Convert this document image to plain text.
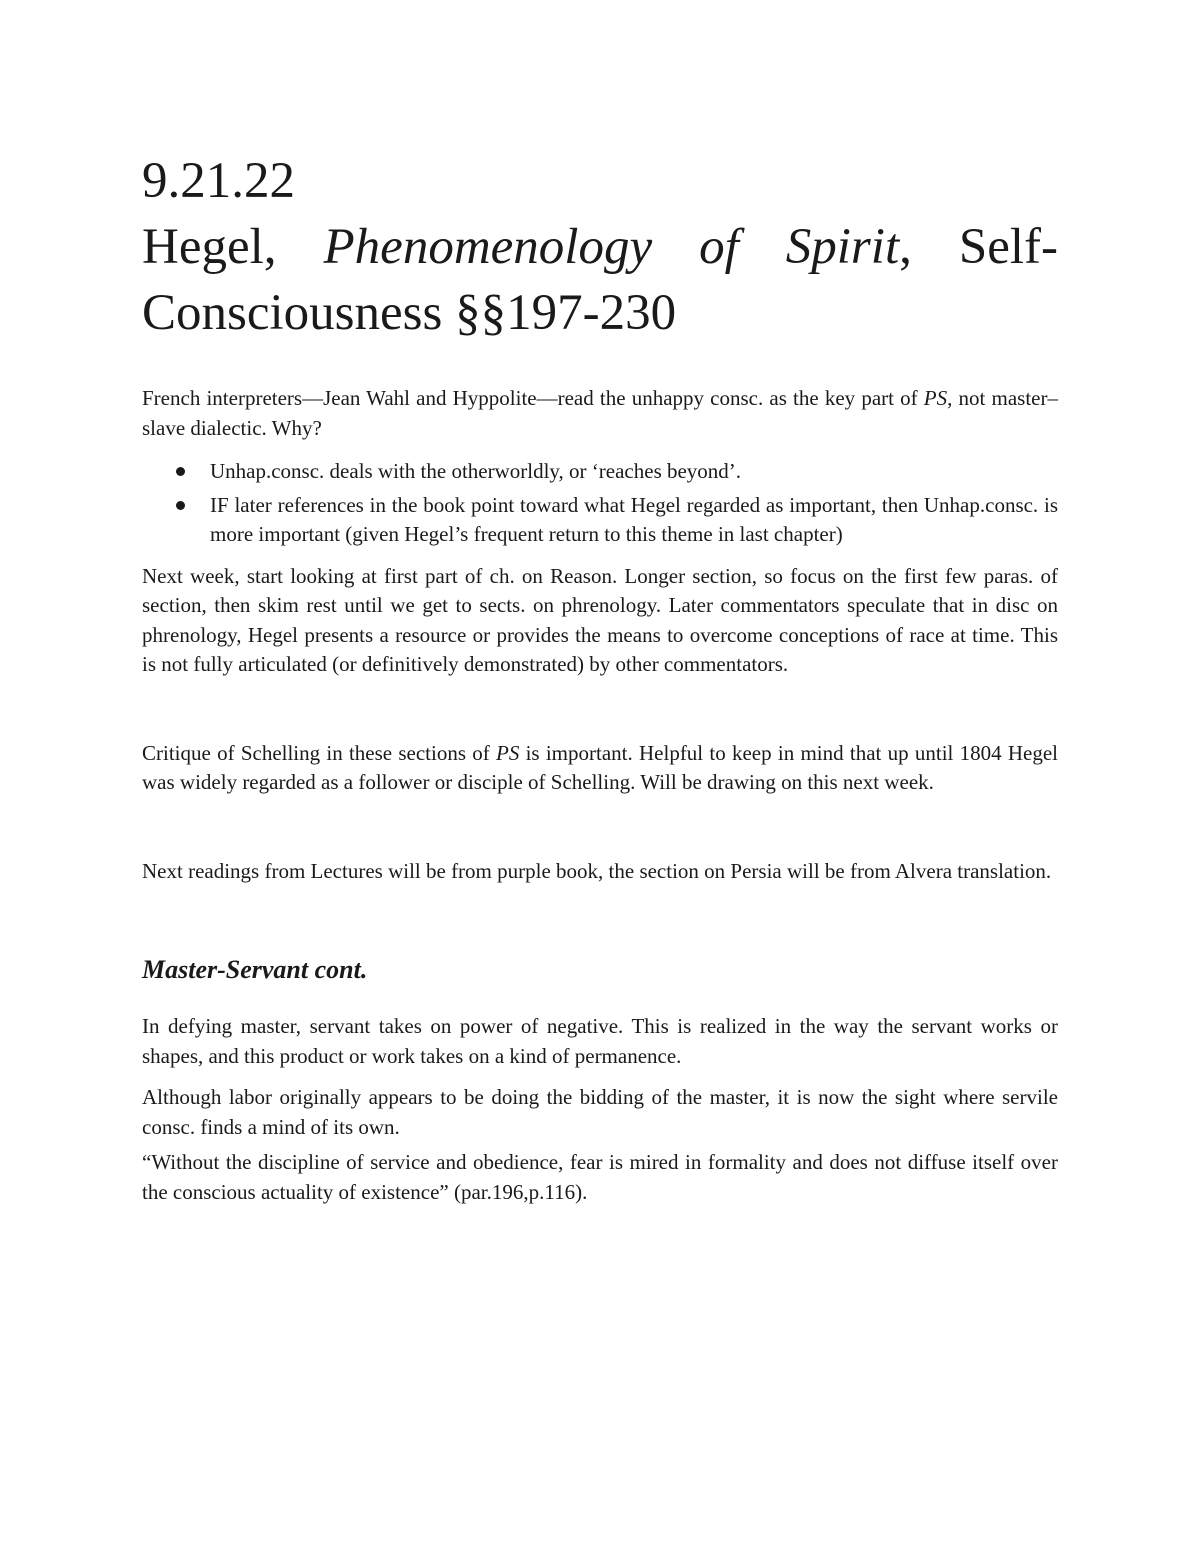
9.21.22
Hegel, Phenomenology of Spirit, Self-
Consciousness §§197-230

French interpreters—Jean Wahl and Hyppolite—read the unhappy consc. as the key part of PS, not master–slave dialectic. Why?

Unhap.consc. deals with the otherworldly, or ‘reaches beyond’.
IF later references in the book point toward what Hegel regarded as important, then Unhap.consc. is more important (given Hegel’s frequent return to this theme in last chapter)

Next week, start looking at first part of ch. on Reason. Longer section, so focus on the first few paras. of section, then skim rest until we get to sects. on phrenology. Later commentators speculate that in disc on phrenology, Hegel presents a resource or provides the means to overcome conceptions of race at time. This is not fully articulated (or definitively demonstrated) by other commentators.

Critique of Schelling in these sections of PS is important. Helpful to keep in mind that up until 1804 Hegel was widely regarded as a follower or disciple of Schelling. Will be drawing on this next week.

Next readings from Lectures will be from purple book, the section on Persia will be from Alvera translation.

Master-Servant cont.

In defying master, servant takes on power of negative. This is realized in the way the servant works or shapes, and this product or work takes on a kind of permanence.

Although labor originally appears to be doing the bidding of the master, it is now the sight where servile consc. finds a mind of its own.

“Without the discipline of service and obedience, fear is mired in formality and does not diffuse itself over the conscious actuality of existence” (par.196,p.116).
